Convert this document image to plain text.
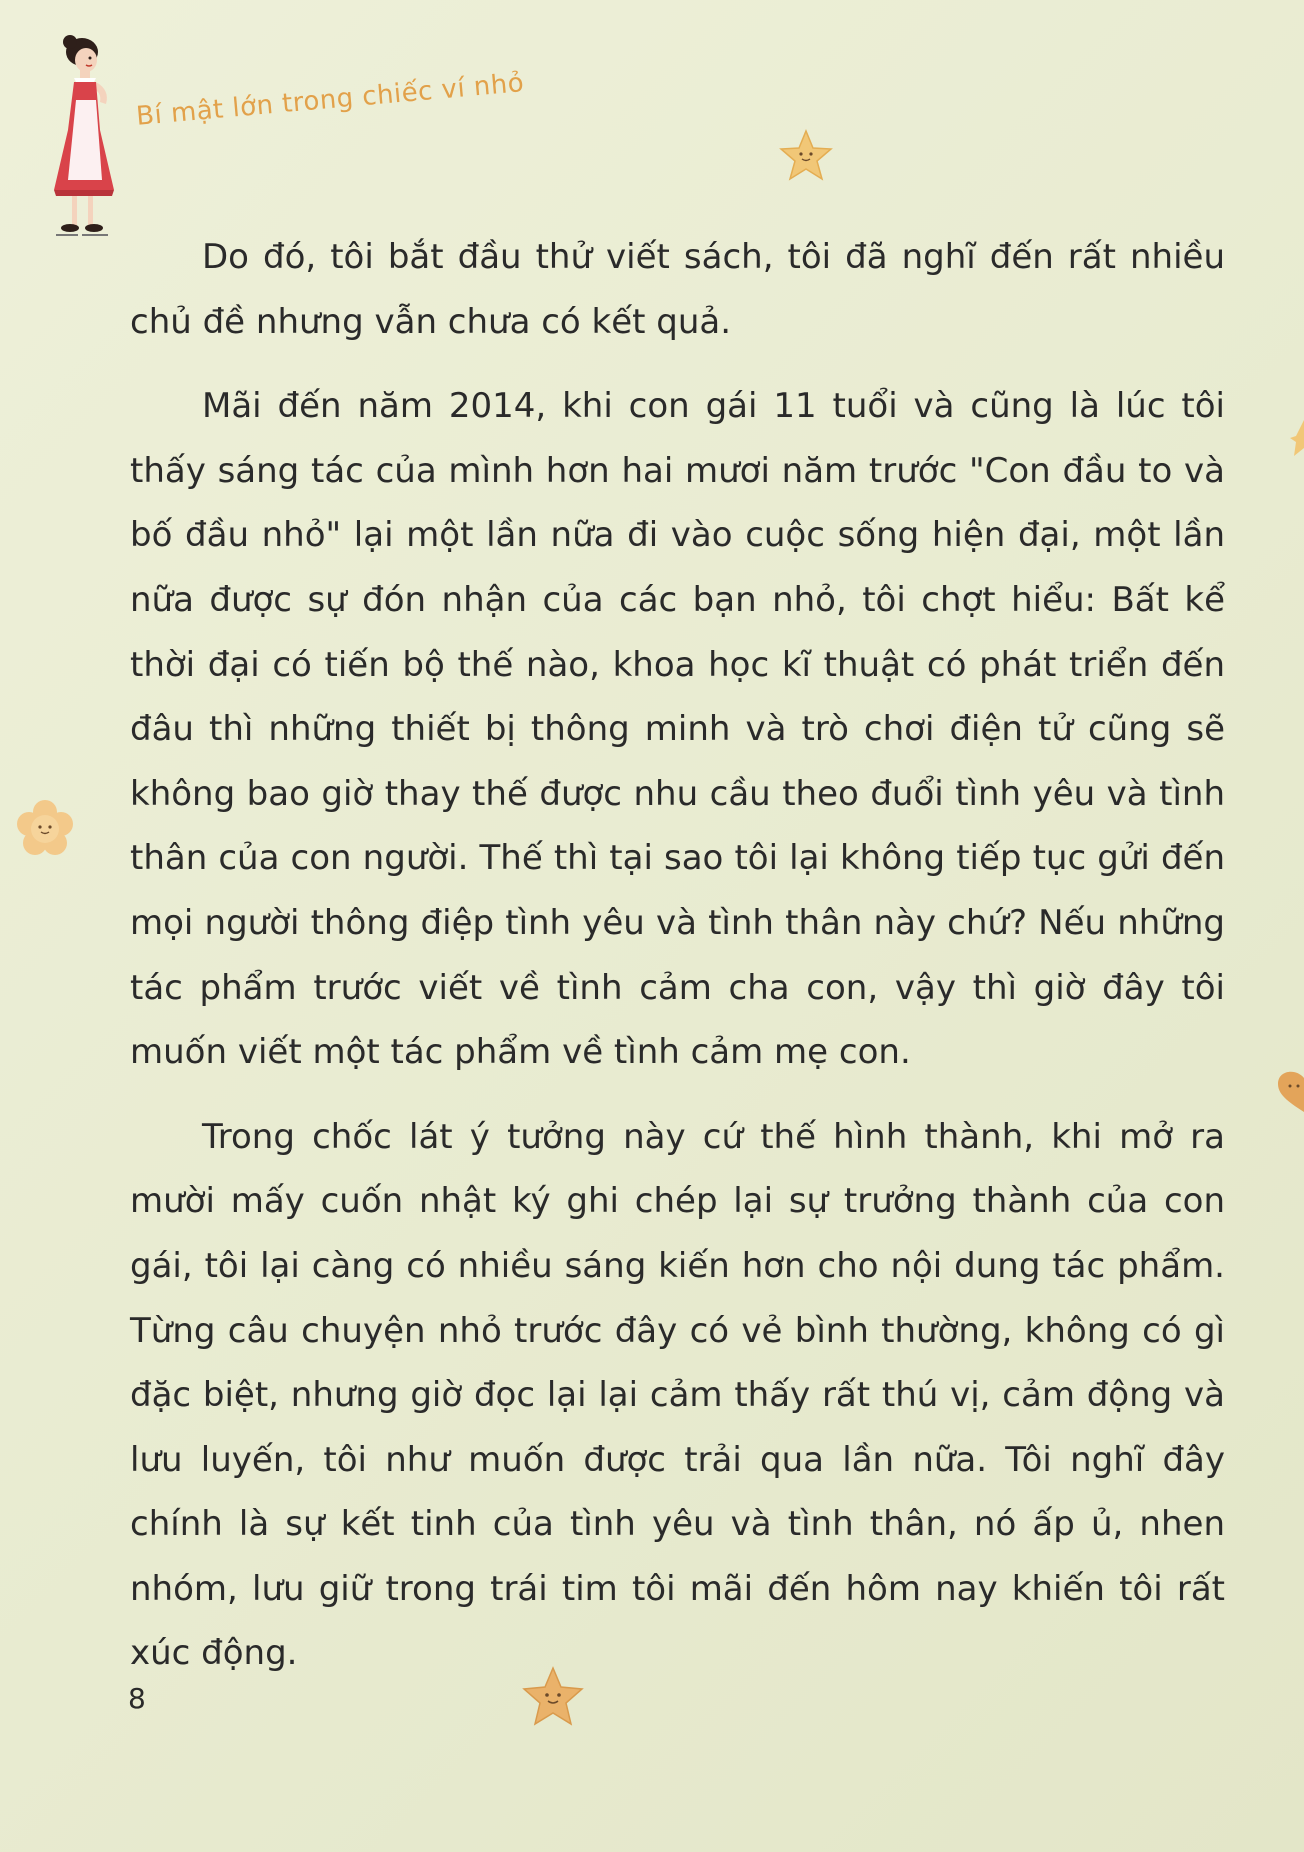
Bí mật lớn trong chiếc ví nhỏ

Do đó, tôi bắt đầu thử viết sách, tôi đã nghĩ đến rất nhiều chủ đề nhưng vẫn chưa có kết quả.

Mãi đến năm 2014, khi con gái 11 tuổi và cũng là lúc tôi thấy sáng tác của mình hơn hai mươi năm trước "Con đầu to và bố đầu nhỏ" lại một lần nữa đi vào cuộc sống hiện đại, một lần nữa được sự đón nhận của các bạn nhỏ, tôi chợt hiểu: Bất kể thời đại có tiến bộ thế nào, khoa học kĩ thuật có phát triển đến đâu thì những thiết bị thông minh và trò chơi điện tử cũng sẽ không bao giờ thay thế được nhu cầu theo đuổi tình yêu và tình thân của con người. Thế thì tại sao tôi lại không tiếp tục gửi đến mọi người thông điệp tình yêu và tình thân này chứ? Nếu những tác phẩm trước viết về tình cảm cha con, vậy thì giờ đây tôi muốn viết một tác phẩm về tình cảm mẹ con.

Trong chốc lát ý tưởng này cứ thế hình thành, khi mở ra mười mấy cuốn nhật ký ghi chép lại sự trưởng thành của con gái, tôi lại càng có nhiều sáng kiến hơn cho nội dung tác phẩm. Từng câu chuyện nhỏ trước đây có vẻ bình thường, không có gì đặc biệt, nhưng giờ đọc lại lại cảm thấy rất thú vị, cảm động và lưu luyến, tôi như muốn được trải qua lần nữa. Tôi nghĩ đây chính là sự kết tinh của tình yêu và tình thân, nó ấp ủ, nhen nhóm, lưu giữ trong trái tim tôi mãi đến hôm nay khiến tôi rất xúc động.

8
